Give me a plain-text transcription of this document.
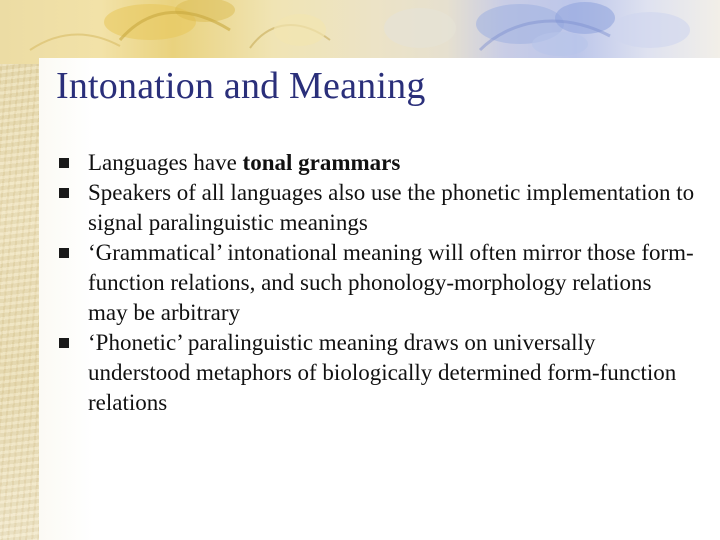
Intonation and Meaning
Languages have tonal grammars
Speakers of all languages also use the phonetic implementation to signal paralinguistic meanings
‘Grammatical’ intonational meaning will often mirror those form-function relations, and such phonology-morphology relations may be arbitrary
‘Phonetic’ paralinguistic meaning draws on universally understood metaphors of biologically determined form-function relations
